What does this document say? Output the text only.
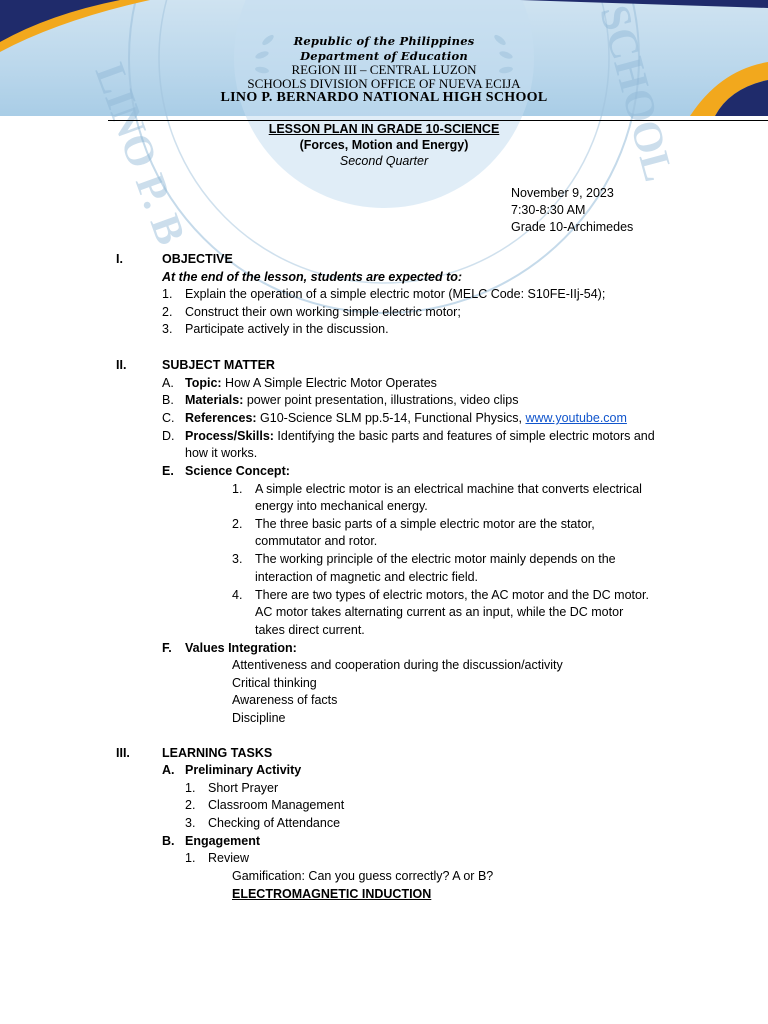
LINO P. B	SCHOOL
Republic of the Philippines
Department of Education
REGION III – CENTRAL LUZON
SCHOOLS DIVISION OFFICE OF NUEVA ECIJA
LINO P. BERNARDO NATIONAL HIGH SCHOOL
LESSON PLAN IN GRADE 10-SCIENCE
(Forces, Motion and Energy)
Second Quarter
November 9, 2023
7:30-8:30 AM
Grade 10-Archimedes
I.	OBJECTIVE
At the end of the lesson, students are expected to:
1. Explain the operation of a simple electric motor (MELC Code: S10FE-IIj-54);
2. Construct their own working simple electric motor;
3. Participate actively in the discussion.
II.	SUBJECT MATTER
A. Topic: How A Simple Electric Motor Operates
B. Materials: power point presentation, illustrations, video clips
C. References: G10-Science SLM pp.5-14, Functional Physics, www.youtube.com
D. Process/Skills: Identifying the basic parts and features of simple electric motors and
how it works.
E. Science Concept:
1. A simple electric motor is an electrical machine that converts electrical
energy into mechanical energy.
2. The three basic parts of a simple electric motor are the stator,
commutator and rotor.
3. The working principle of the electric motor mainly depends on the
interaction of magnetic and electric field.
4. There are two types of electric motors, the AC motor and the DC motor.
AC motor takes alternating current as an input, while the DC motor
takes direct current.
F. Values Integration:
Attentiveness and cooperation during the discussion/activity
Critical thinking
Awareness of facts
Discipline
III.	LEARNING TASKS
A. Preliminary Activity
1. Short Prayer
2. Classroom Management
3. Checking of Attendance
B. Engagement
1. Review
Gamification: Can you guess correctly? A or B?
ELECTROMAGNETIC INDUCTION
